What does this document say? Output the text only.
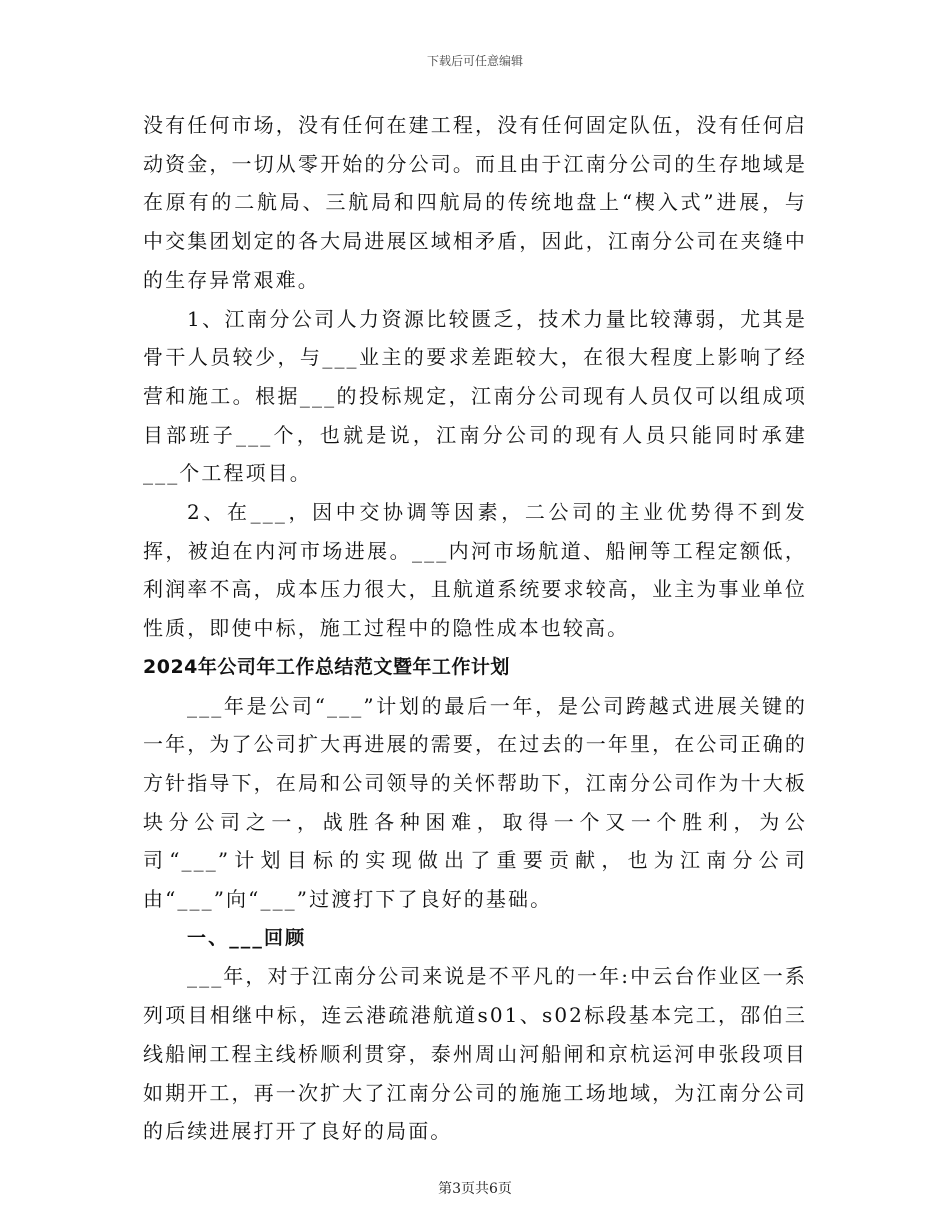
下载后可任意编辑

没有任何市场，没有任何在建工程，没有任何固定队伍，没有任何启动资金，一切从零开始的分公司。而且由于江南分公司的生存地域是在原有的二航局、三航局和四航局的传统地盘上“楔入式”进展，与中交集团划定的各大局进展区域相矛盾，因此，江南分公司在夹缝中的生存异常艰难。

1、江南分公司人力资源比较匮乏，技术力量比较薄弱，尤其是骨干人员较少，与___业主的要求差距较大，在很大程度上影响了经营和施工。根据___的投标规定，江南分公司现有人员仅可以组成项目部班子___个，也就是说，江南分公司的现有人员只能同时承建___个工程项目。

2、在___，因中交协调等因素，二公司的主业优势得不到发挥，被迫在内河市场进展。___内河市场航道、船闸等工程定额低，利润率不高，成本压力很大，且航道系统要求较高，业主为事业单位性质，即使中标，施工过程中的隐性成本也较高。

2024年公司年工作总结范文暨年工作计划

___年是公司“___”计划的最后一年，是公司跨越式进展关键的一年，为了公司扩大再进展的需要，在过去的一年里，在公司正确的方针指导下，在局和公司领导的关怀帮助下，江南分公司作为十大板块分公司之一，战胜各种困难，取得一个又一个胜利，为公司“___”计划目标的实现做出了重要贡献，也为江南分公司由“___”向“___”过渡打下了良好的基础。

一、___回顾

___年，对于江南分公司来说是不平凡的一年:中云台作业区一系列项目相继中标，连云港疏港航道s01、s02标段基本完工，邵伯三线船闸工程主线桥顺利贯穿，泰州周山河船闸和京杭运河申张段项目如期开工，再一次扩大了江南分公司的施施工场地域，为江南分公司的后续进展打开了良好的局面。

第3页共6页
